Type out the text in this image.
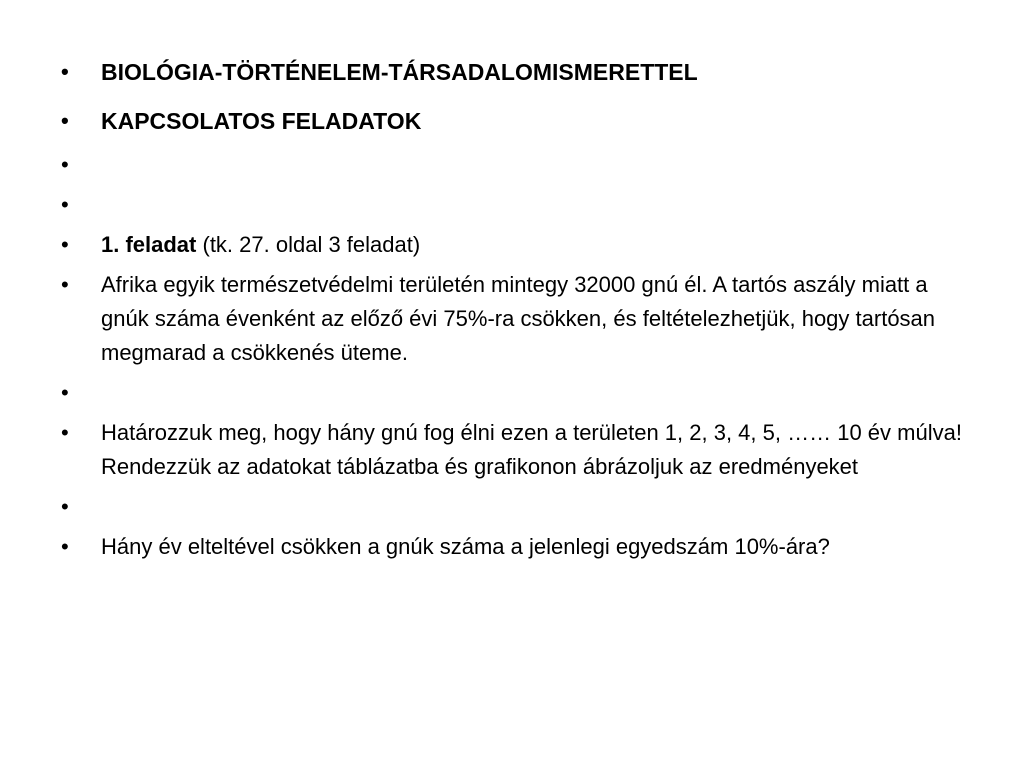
•	BIOLÓGIA-TÖRTÉNELEM-TÁRSADALOMISMERETTEL
•	KAPCSOLATOS FELADATOK
•
•
•	1. feladat (tk. 27. oldal 3 feladat)
•	Afrika egyik természetvédelmi területén mintegy 32000 gnú él. A tartós aszály miatt a gnúk száma évenként az előző évi 75%-ra csökken, és feltételezhetjük, hogy tartósan megmarad a csökkenés üteme.
•
•	Határozzuk meg, hogy hány gnú fog élni ezen a területen 1, 2, 3, 4, 5, …… 10 év múlva! Rendezzük az adatokat táblázatba és grafikonon ábrázoljuk az eredményeket
•
•	Hány év elteltével csökken a gnúk száma a jelenlegi egyedszám 10%-ára?
